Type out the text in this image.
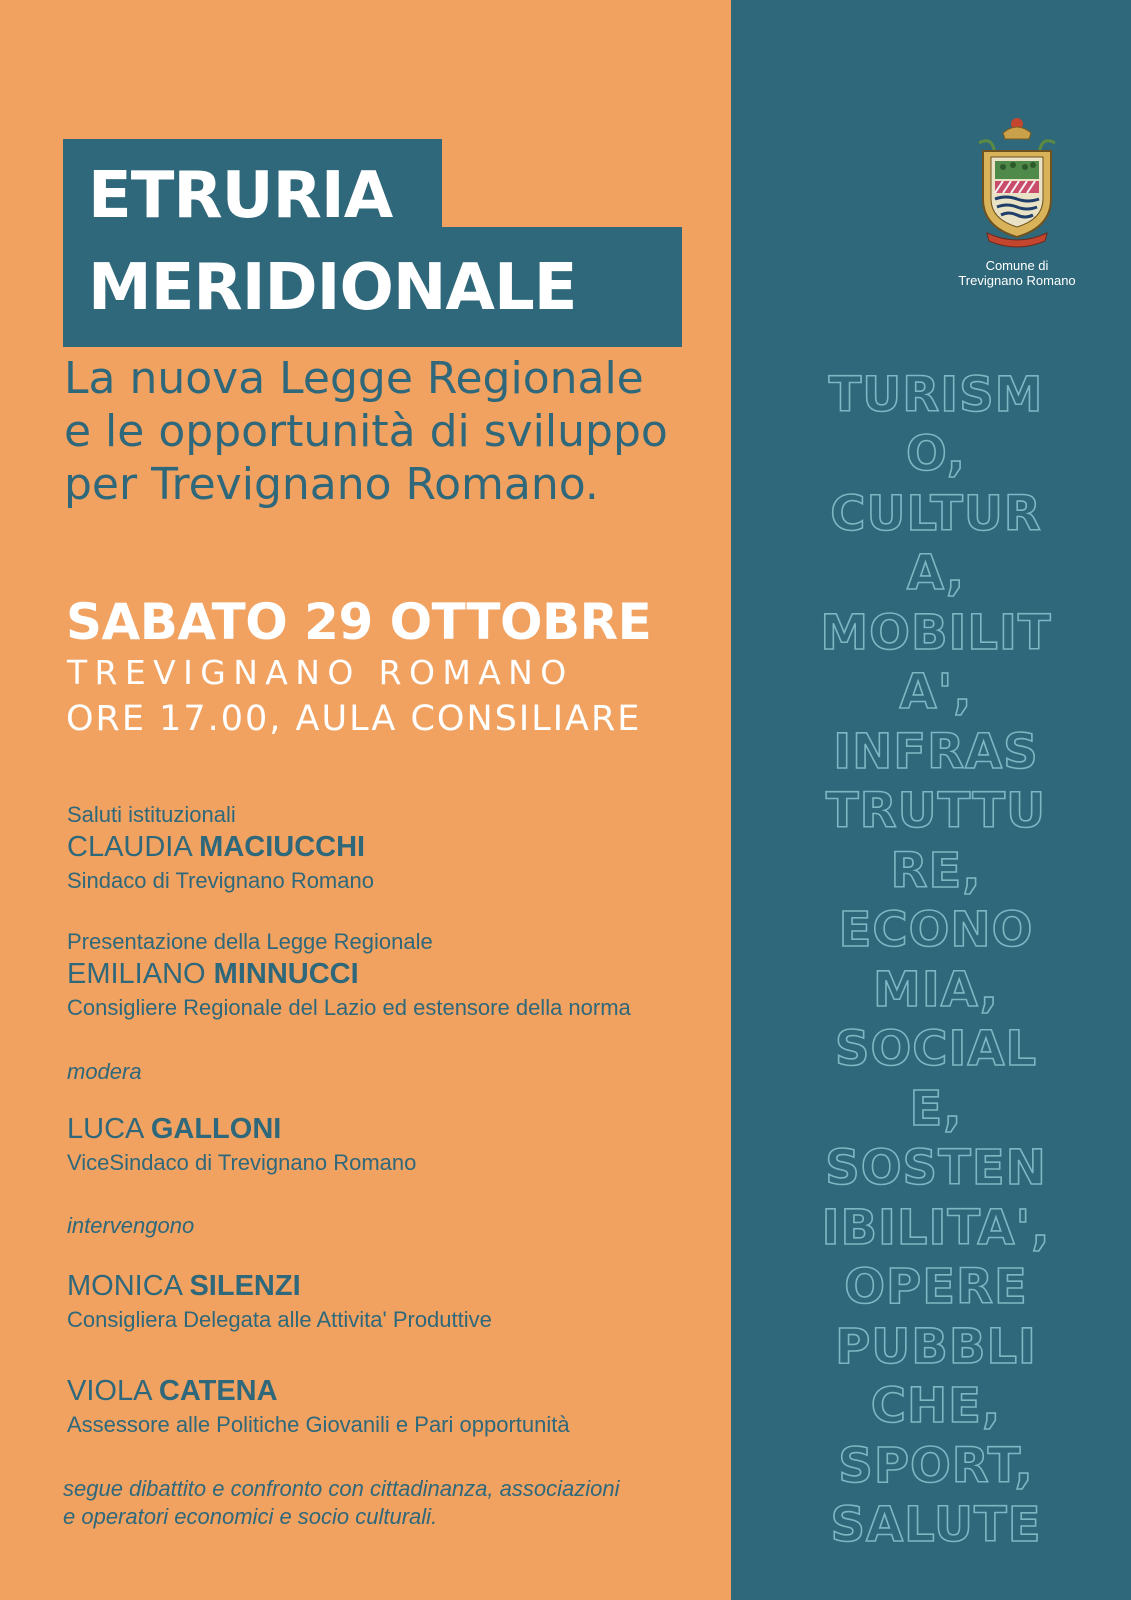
ETRURIA
MERIDIONALE
La nuova Legge Regionale
e le opportunità di sviluppo
per Trevignano Romano.
SABATO 29 OTTOBRE
TREVIGNANO ROMANO
ORE 17.00, AULA CONSILIARE
Saluti istituzionali
CLAUDIA MACIUCCHI
Sindaco di Trevignano Romano
Presentazione della Legge Regionale
EMILIANO MINNUCCI
Consigliere Regionale del Lazio ed estensore della norma
modera
LUCA GALLONI
ViceSindaco di Trevignano Romano
intervengono
MONICA SILENZI
Consigliera Delegata alle Attivita' Produttive
VIOLA CATENA
Assessore alle Politiche Giovanili e Pari opportunità
segue dibattito e confronto con cittadinanza, associazioni
e operatori economici e socio culturali.
Comune di
Trevignano Romano
TURISM
O,
CULTUR
A,
MOBILIT
A',
INFRAS
TRUTTU
RE,
ECONO
MIA,
SOCIAL
E,
SOSTEN
IBILITA',
OPERE
PUBBLI
CHE,
SPORT,
SALUTE
